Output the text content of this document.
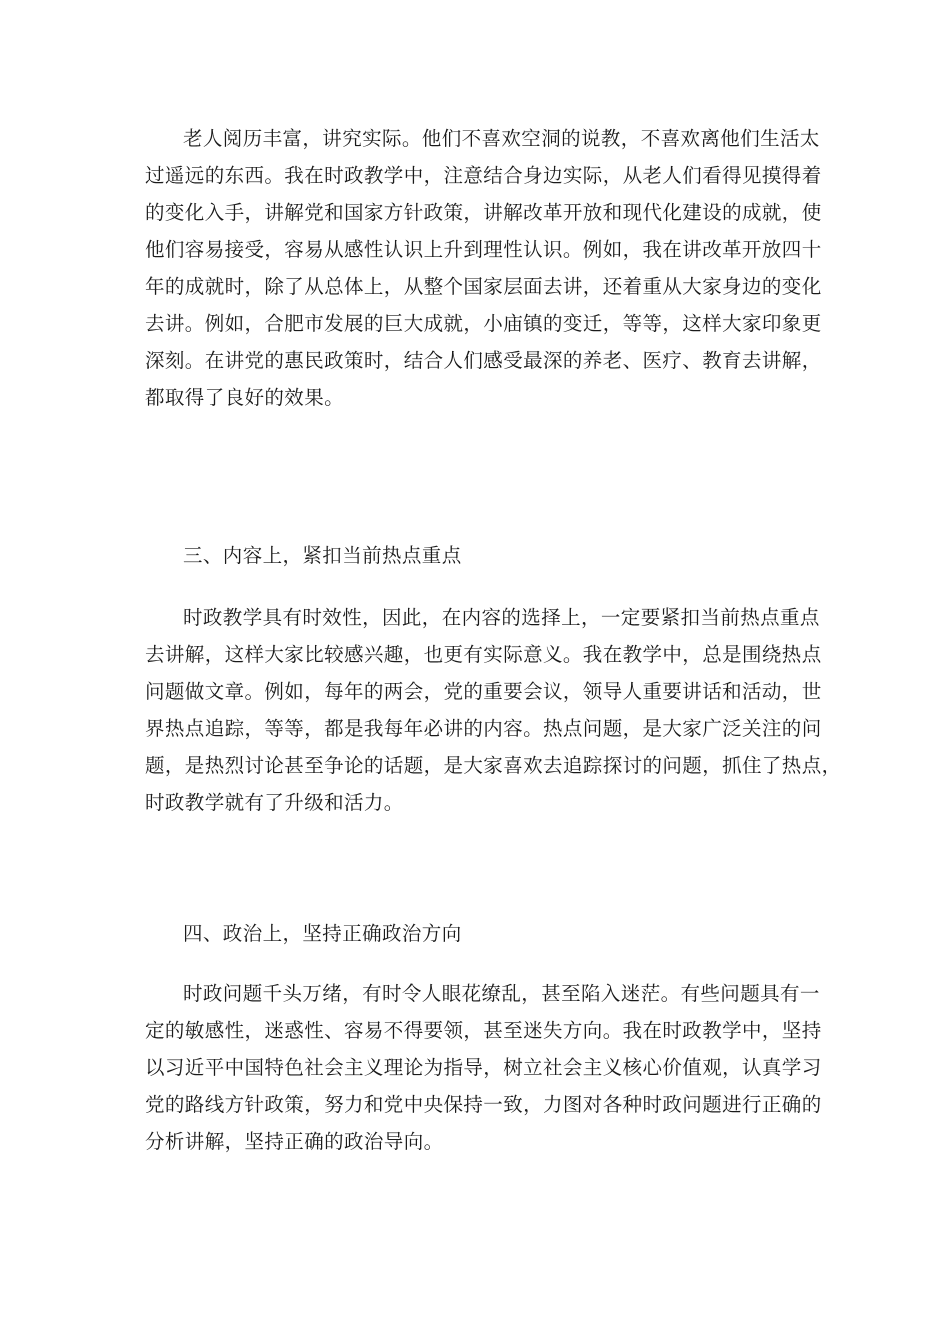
老人阅历丰富，讲究实际。他们不喜欢空洞的说教，不喜欢离他们生活太
过遥远的东西。我在时政教学中，注意结合身边实际，从老人们看得见摸得着
的变化入手，讲解党和国家方针政策，讲解改革开放和现代化建设的成就，使
他们容易接受，容易从感性认识上升到理性认识。例如，我在讲改革开放四十
年的成就时，除了从总体上，从整个国家层面去讲，还着重从大家身边的变化
去讲。例如，合肥市发展的巨大成就，小庙镇的变迁，等等，这样大家印象更
深刻。在讲党的惠民政策时，结合人们感受最深的养老、医疗、教育去讲解，
都取得了良好的效果。
三、内容上，紧扣当前热点重点
时政教学具有时效性，因此，在内容的选择上，一定要紧扣当前热点重点
去讲解，这样大家比较感兴趣，也更有实际意义。我在教学中，总是围绕热点
问题做文章。例如，每年的两会，党的重要会议，领导人重要讲话和活动，世
界热点追踪，等等，都是我每年必讲的内容。热点问题，是大家广泛关注的问
题，是热烈讨论甚至争论的话题，是大家喜欢去追踪探讨的问题，抓住了热点，
时政教学就有了升级和活力。
四、政治上，坚持正确政治方向
时政问题千头万绪，有时令人眼花缭乱，甚至陷入迷茫。有些问题具有一
定的敏感性，迷惑性、容易不得要领，甚至迷失方向。我在时政教学中，坚持
以习近平中国特色社会主义理论为指导，树立社会主义核心价值观，认真学习
党的路线方针政策，努力和党中央保持一致，力图对各种时政问题进行正确的
分析讲解，坚持正确的政治导向。
